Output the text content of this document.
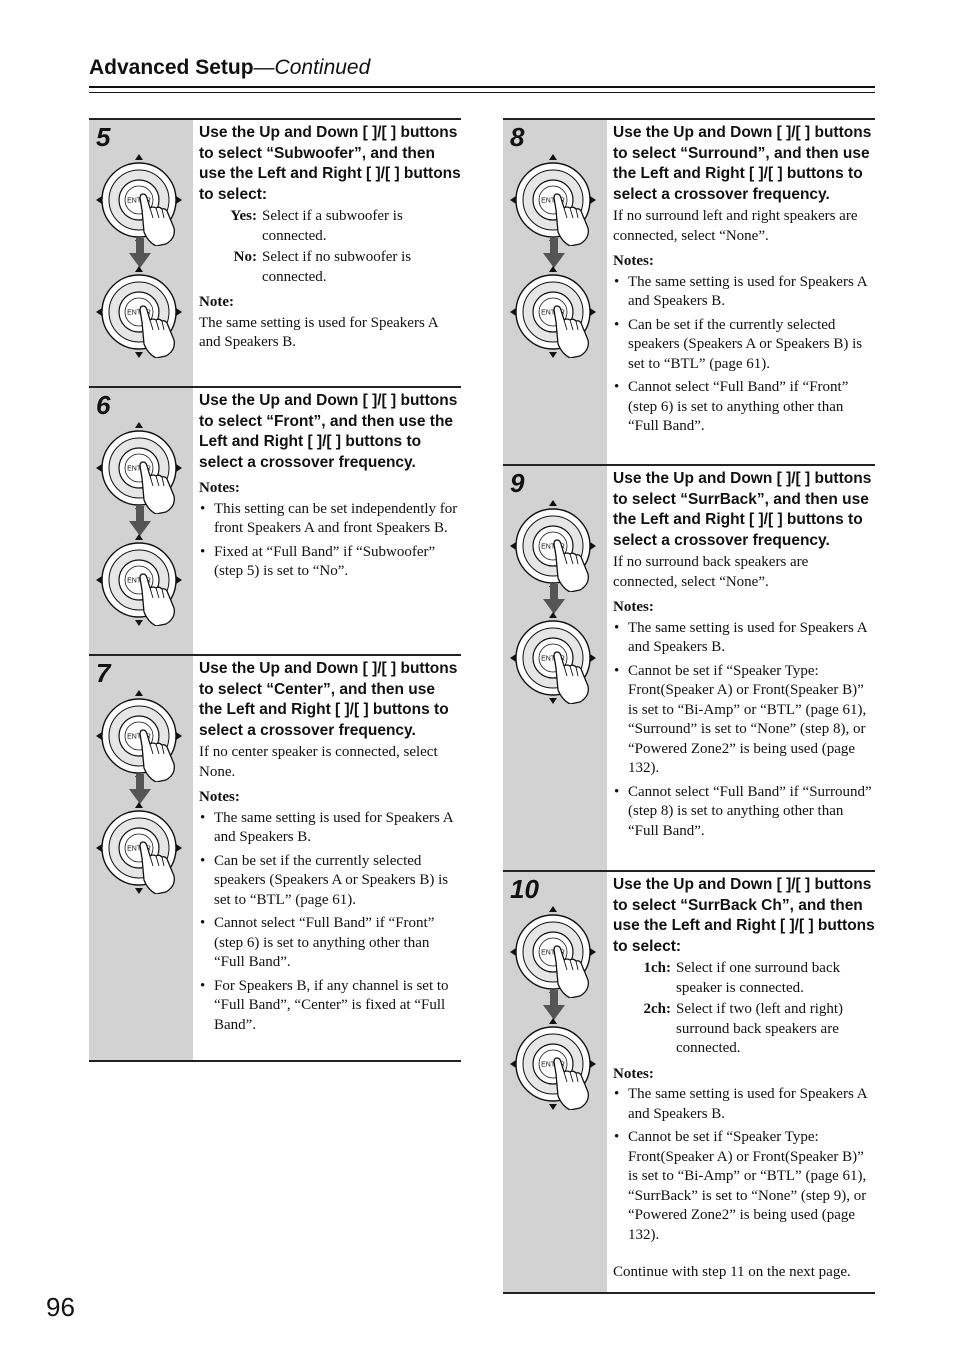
Advanced Setup—Continued
5	Use the Up and Down [ ]/[ ] buttons to select “Subwoofer”, and then use the Left and Right [ ]/[ ] buttons to select:

Yes: Select if a subwoofer is connected.
No: Select if no subwoofer is connected.
Note:
The same setting is used for Speakers A and Speakers B.
6	Use the Up and Down [ ]/[ ] buttons to select “Front”, and then use the Left and Right [ ]/[ ] buttons to select a crossover frequency.

Notes:
• This setting can be set independently for front Speakers A and front Speakers B.
• Fixed at “Full Band” if “Subwoofer” (step 5) is set to “No”.
7	Use the Up and Down [ ]/[ ] buttons to select “Center”, and then use the Left and Right [ ]/[ ] buttons to select a crossover frequency.

If no center speaker is connected, select None.

Notes:
• The same setting is used for Speakers A and Speakers B.
• Can be set if the currently selected speakers (Speakers A or Speakers B) is set to “BTL” (page 61).
• Cannot select “Full Band” if “Front” (step 6) is set to anything other than “Full Band”.
• For Speakers B, if any channel is set to “Full Band”, “Center” is fixed at “Full Band”.
8	Use the Up and Down [ ]/[ ] buttons to select “Surround”, and then use the Left and Right [ ]/[ ] buttons to select a crossover frequency.

If no surround left and right speakers are connected, select “None”.

Notes:
• The same setting is used for Speakers A and Speakers B.
• Can be set if the currently selected speakers (Speakers A or Speakers B) is set to “BTL” (page 61).
• Cannot select “Full Band” if “Front” (step 6) is set to anything other than “Full Band”.
9	Use the Up and Down [ ]/[ ] buttons to select “SurrBack”, and then use the Left and Right [ ]/[ ] buttons to select a crossover frequency.

If no surround back speakers are connected, select “None”.

Notes:
• The same setting is used for Speakers A and Speakers B.
• Cannot be set if “Speaker Type: Front(Speaker A) or Front(Speaker B)” is set to “Bi-Amp” or “BTL” (page 61), “Surround” is set to “None” (step 8), or “Powered Zone2” is being used (page 132).
• Cannot select “Full Band” if “Surround” (step 8) is set to anything other than “Full Band”.
10	Use the Up and Down [ ]/[ ] buttons to select “SurrBack Ch”, and then use the Left and Right [ ]/[ ] buttons to select:

1ch: Select if one surround back speaker is connected.
2ch: Select if two (left and right) surround back speakers are connected.
Notes:
• The same setting is used for Speakers A and Speakers B.
• Cannot be set if “Speaker Type: Front(Speaker A) or Front(Speaker B)” is set to “Bi-Amp” or “BTL” (page 61), “SurrBack” is set to “None” (step 9), or “Powered Zone2” is being used (page 132).
Continue with step 11 on the next page.
96
